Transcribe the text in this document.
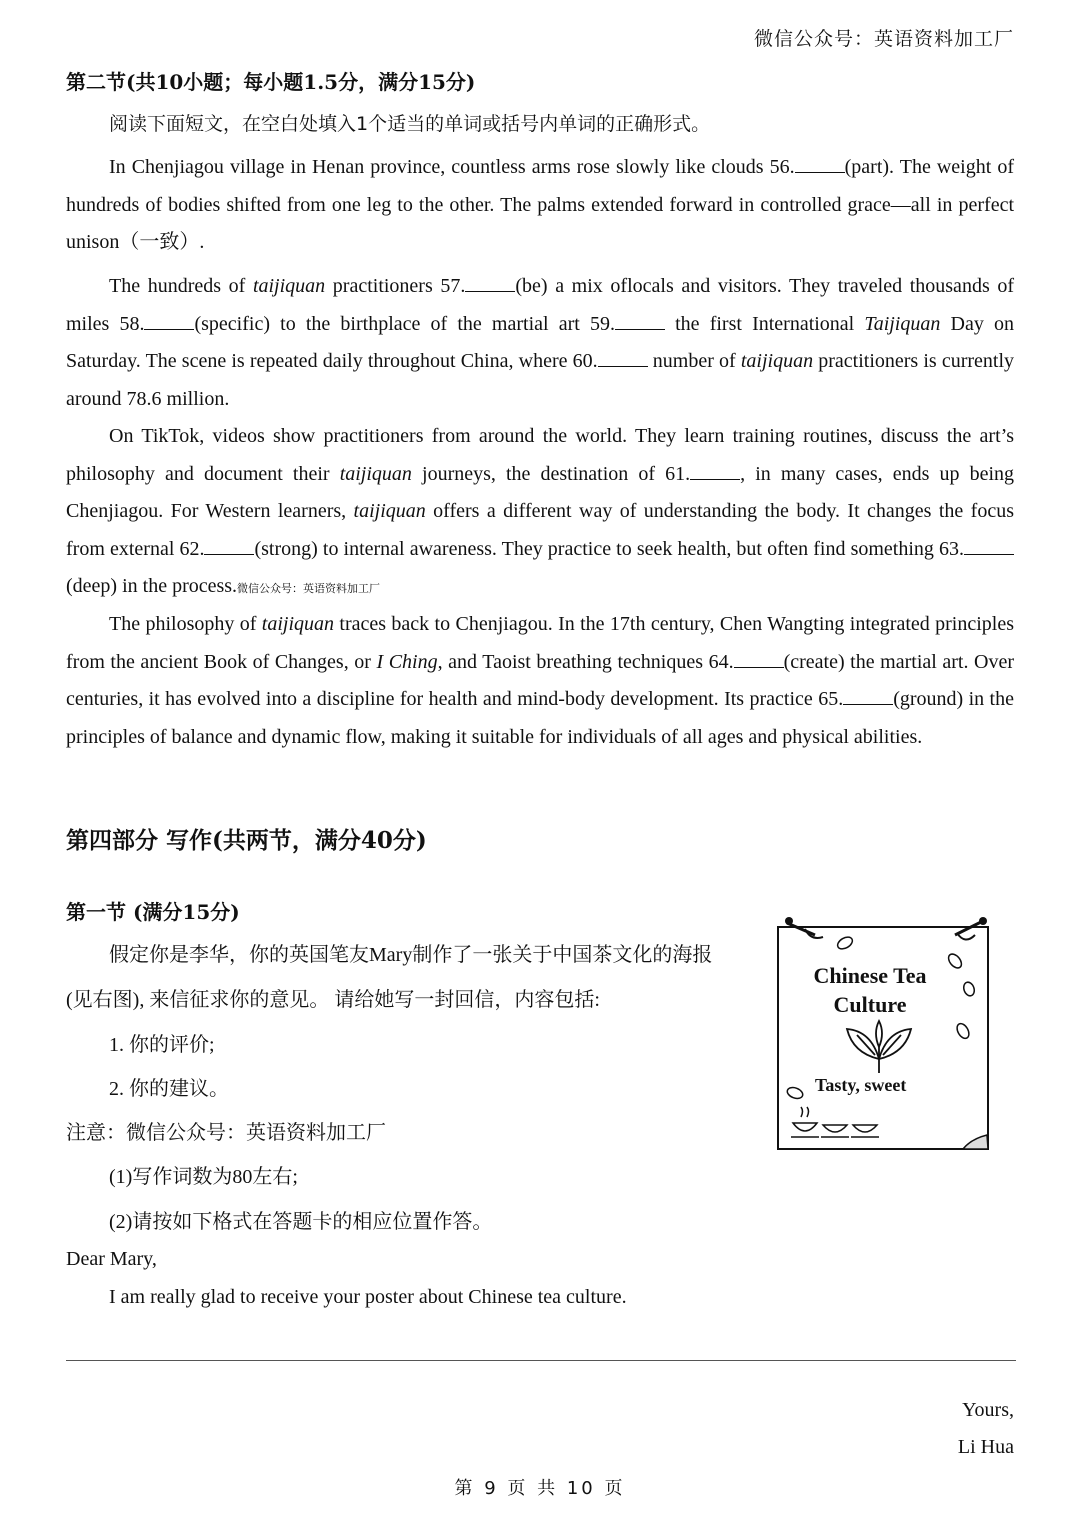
微信公众号：英语资料加工厂
第二节(共10小题；每小题1.5分，满分15分)
阅读下面短文，在空白处填入1个适当的单词或括号内单词的正确形式。
In Chenjiagou village in Henan province, countless arms rose slowly like clouds 56.	(part). The weight of hundreds of bodies shifted from one leg to the other. The palms extended forward in controlled grace—all in perfect unison（一致）.
The hundreds of taijiquan practitioners 57.	(be) a mix oflocals and visitors. They traveled thousands of miles 58.	(specific) to the birthplace of the martial art 59.	the first International Taijiquan Day on Saturday. The scene is repeated daily throughout China, where 60.	number of taijiquan practitioners is currently around 78.6 million.
On TikTok, videos show practitioners from around the world. They learn training routines, discuss the art’s philosophy and document their taijiquan journeys, the destination of 61.	, in many cases, ends up being Chenjiagou. For Western learners, taijiquan offers a different way of understanding the body. It changes the focus from external 62.	(strong) to internal awareness. They practice to seek health, but often find something 63.(deep) in the process.微信公众号：英语资料加工厂
The philosophy of taijiquan traces back to Chenjiagou. In the 17th century, Chen Wangting integrated principles from the ancient Book of Changes, or I Ching, and Taoist breathing techniques 64.	(create) the martial art. Over centuries, it has evolved into a discipline for health and mind-body development. Its practice 65.	(ground) in the principles of balance and dynamic flow, making it suitable for individuals of all ages and physical abilities.
第四部分 写作(共两节，满分40分)
第一节 (满分15分)
假定你是李华，你的英国笔友Mary制作了一张关于中国茶文化的海报
(见右图), 来信征求你的意见。 请给她写一封回信，内容包括:
1. 你的评价;
2. 你的建议。
注意：微信公众号：英语资料加工厂
(1)写作词数为80左右;
(2)请按如下格式在答题卡的相应位置作答。
Dear Mary,
I am really glad to receive your poster about Chinese tea culture.
Yours,
Li Hua
Chinese Tea
Culture
Tasty, sweet
第 9 页 共 10 页
